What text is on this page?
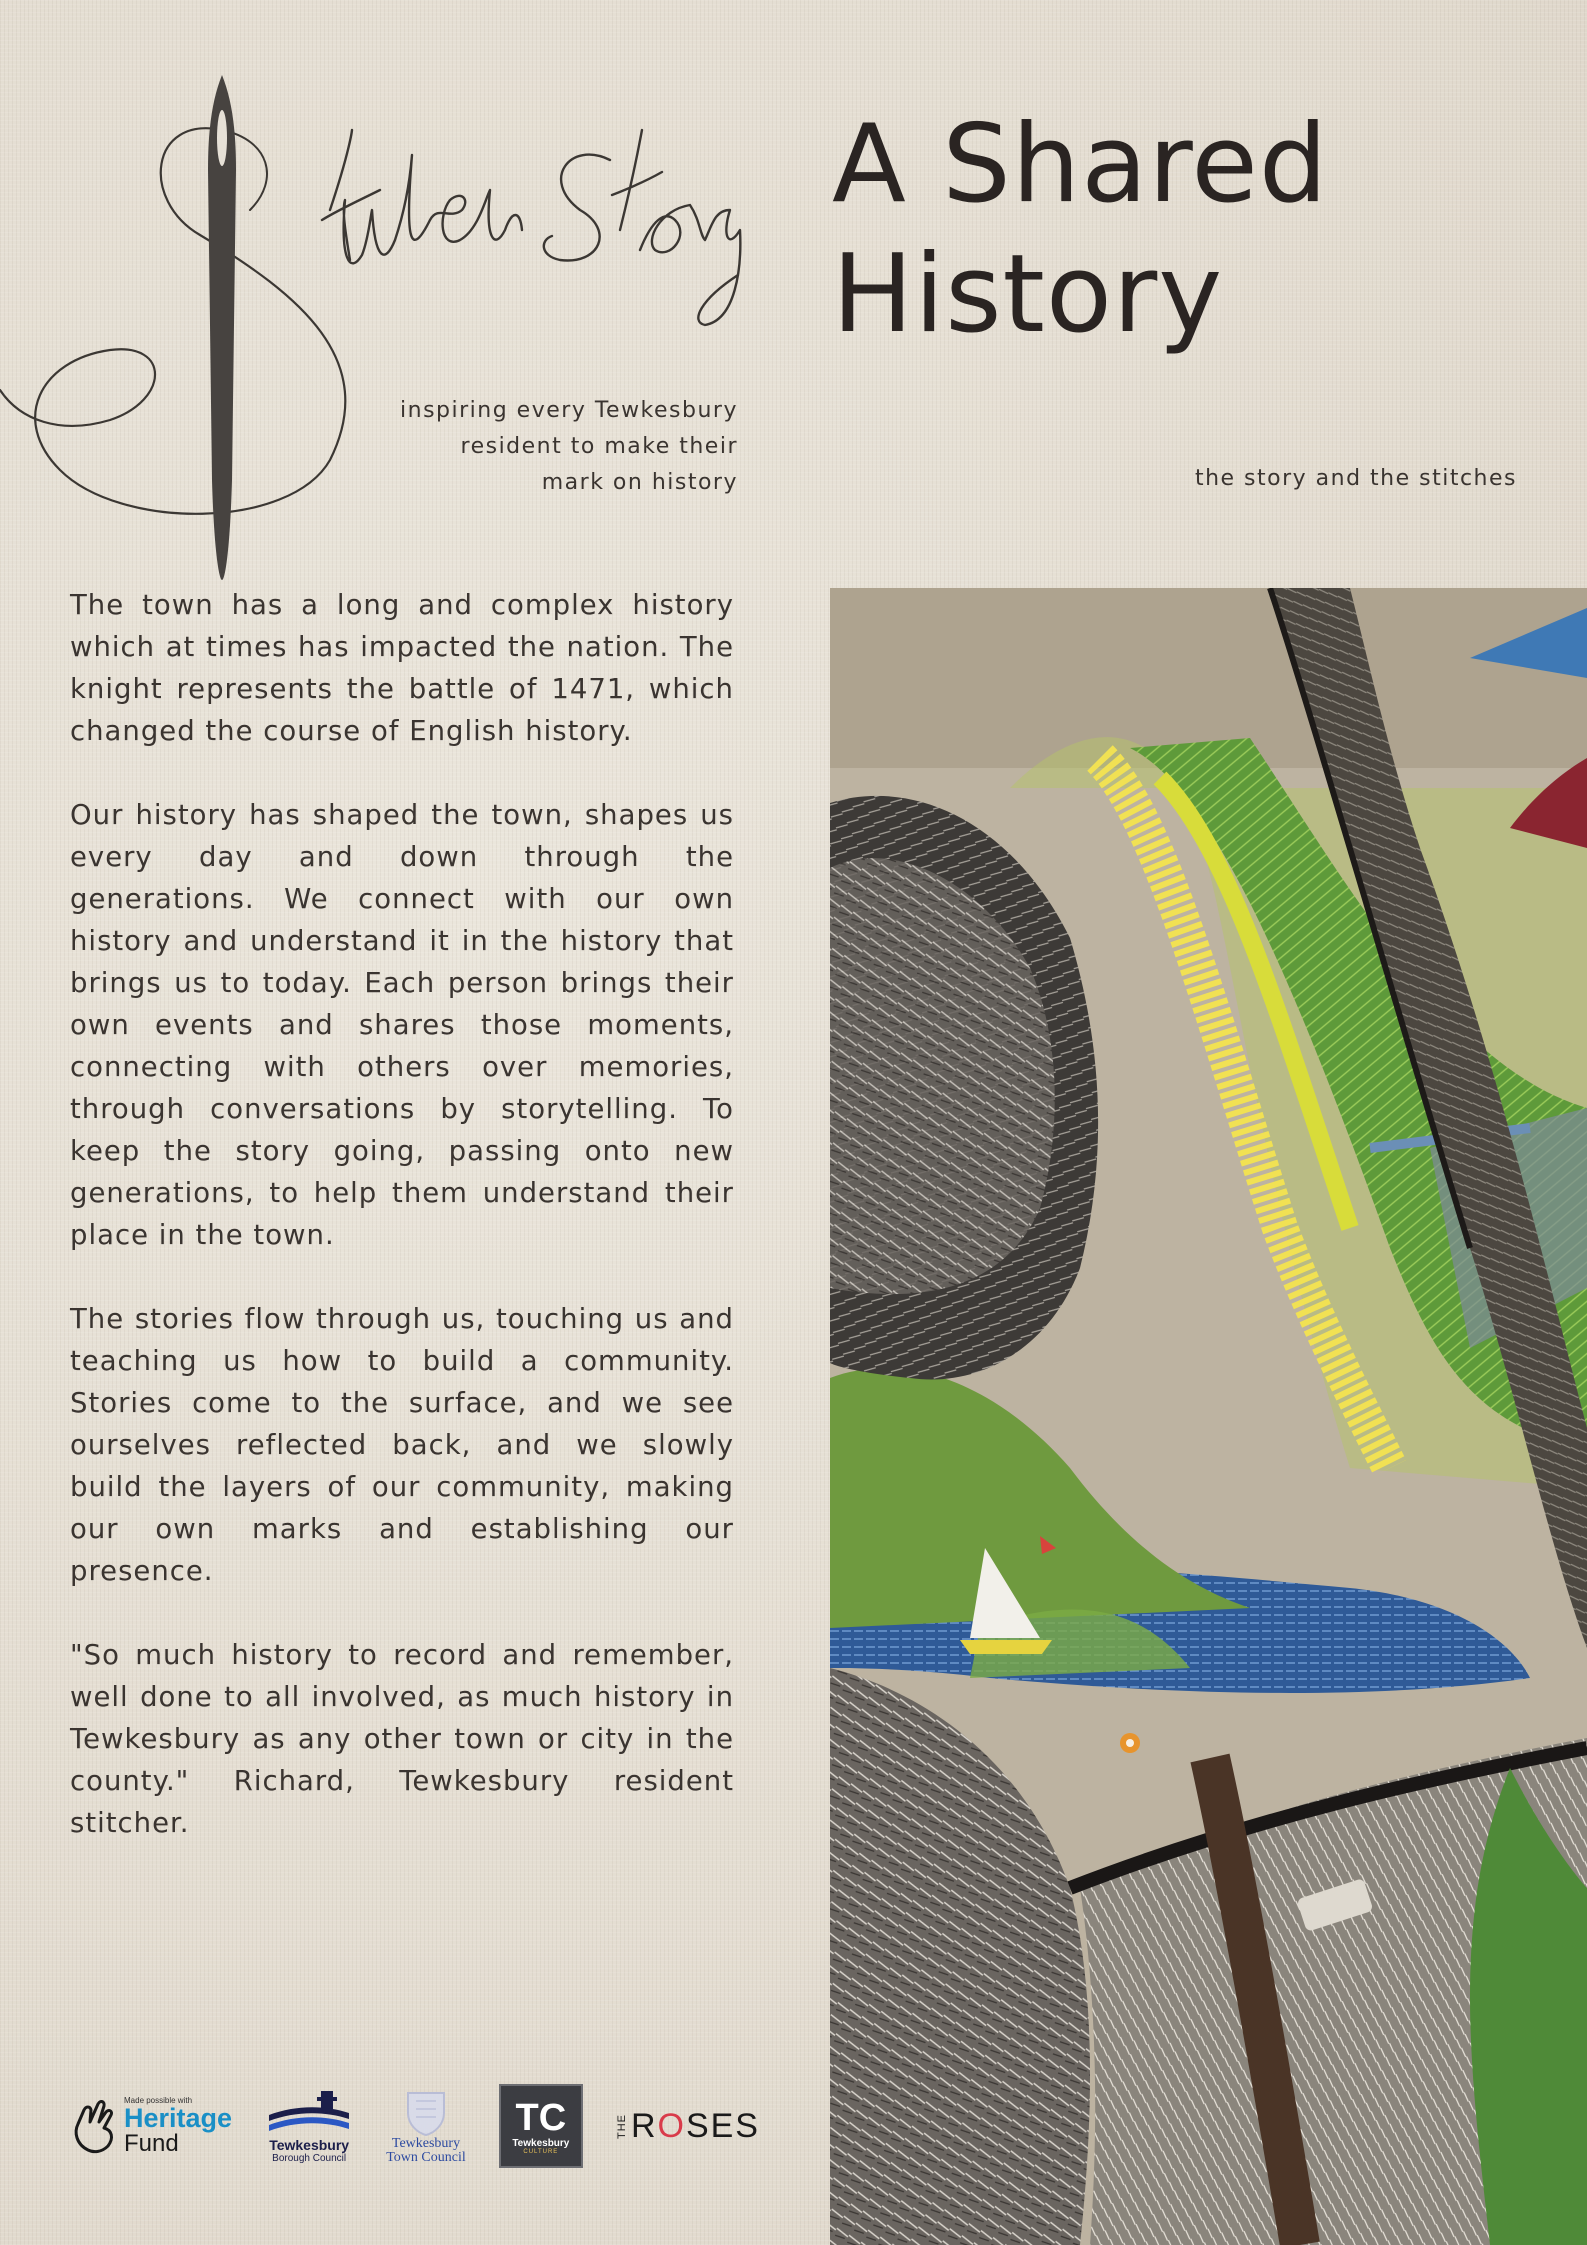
inspiring every Tewkesbury
resident to make their
mark on history
A Shared
History
the story and the stitches

The town has a long and complex history which at times has impacted the nation. The knight represents the battle of 1471, which changed the course of English history.

Our history has shaped the town, shapes us every day and down through the generations. We connect with our own history and understand it in the history that brings us to today. Each person brings their own events and shares those moments, connecting with others over memories, through conversations by storytelling. To keep the story going, passing onto new generations, to help them understand their place in the town.

The stories flow through us, touching us and teaching us how to build a community. Stories come to the surface, and we see ourselves reflected back, and we slowly build the layers of our community, making our own marks and establishing our presence.

"So much history to record and remember, well done to all involved, as much history in Tewkesbury as any other town or city in the county." Richard, Tewkesbury resident stitcher.

Made possible with
Heritage
Fund	Tewkesbury
Borough Council
Tewkesbury
Town Council
TC
Tewkesbury
CULTURE
THE ROSES
